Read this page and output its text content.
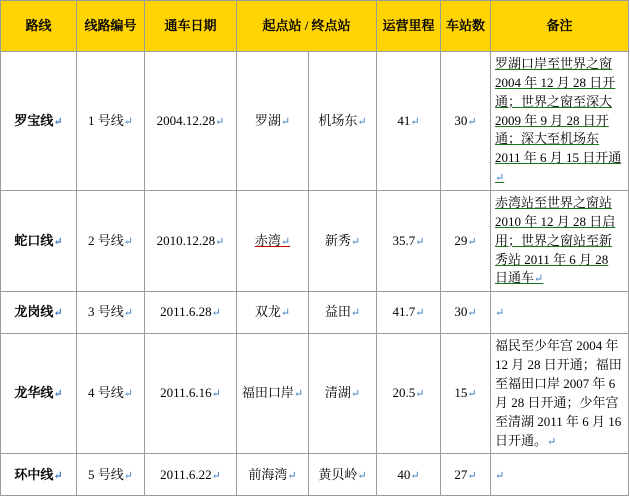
路线	线路编号	通车日期	起点站 / 终点站		运营里程	车站数	备注
罗宝线↵	1 号线↵	2004.12.28↵	罗湖↵	机场东↵	41↵	30↵	罗湖口岸至世界之窗 2004 年 12 月 28 日开通；世界之窗至深大 2009 年 9 月 28 日开通；深大至机场东 2011 年 6 月 15 日开通↵
蛇口线↵	2 号线↵	2010.12.28↵	赤湾↵	新秀↵	35.7↵	29↵	赤湾站至世界之窗站 2010 年 12 月 28 日启用；世界之窗站至新秀站 2011 年 6 月 28 日通车↵
龙岗线↵	3 号线↵	2011.6.28↵	双龙↵	益田↵	41.7↵	30↵	↵
龙华线↵	4 号线↵	2011.6.16↵	福田口岸↵	清湖↵	20.5↵	15↵	福民至少年宫 2004 年 12 月 28 日开通；福田至福田口岸 2007 年 6 月 28 日开通；少年宫至清湖 2011 年 6 月 16 日开通。↵
环中线↵	5 号线↵	2011.6.22↵	前海湾↵	黄贝岭↵	40↵	27↵	↵
